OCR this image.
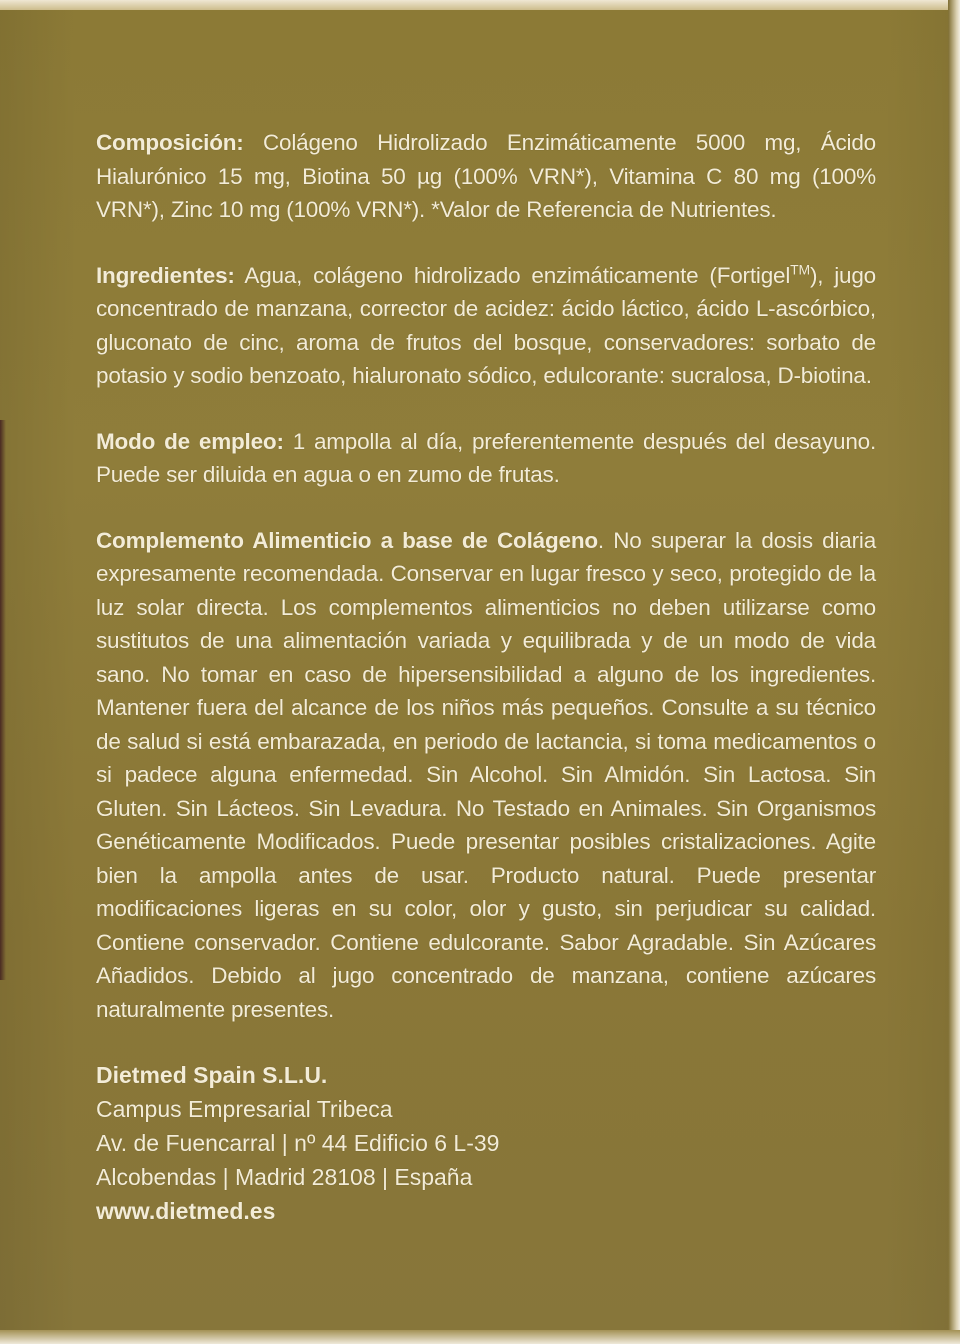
Composición: Colágeno Hidrolizado Enzimáticamente 5000 mg, Ácido Hialurónico 15 mg, Biotina 50 µg (100% VRN*), Vitamina C 80 mg (100% VRN*), Zinc 10 mg (100% VRN*). *Valor de Referencia de Nutrientes.

Ingredientes: Agua, colágeno hidrolizado enzimáticamente (Fortigel™), jugo concentrado de manzana, corrector de acidez: ácido láctico, ácido L-ascórbico, gluconato de cinc, aroma de frutos del bosque, conservadores: sorbato de potasio y sodio benzoato, hialuronato sódico, edulcorante: sucralosa, D-biotina.

Modo de empleo: 1 ampolla al día, preferentemente después del desayuno. Puede ser diluida en agua o en zumo de frutas.

Complemento Alimenticio a base de Colágeno. No superar la dosis diaria expresamente recomendada. Conservar en lugar fresco y seco, protegido de la luz solar directa. Los complementos alimenticios no deben utilizarse como sustitutos de una alimentación variada y equilibrada y de un modo de vida sano. No tomar en caso de hipersensibilidad a alguno de los ingredientes. Mantener fuera del alcance de los niños más pequeños. Consulte a su técnico de salud si está embarazada, en periodo de lactancia, si toma medicamentos o si padece alguna enfermedad. Sin Alcohol. Sin Almidón. Sin Lactosa. Sin Gluten. Sin Lácteos. Sin Levadura. No Testado en Animales. Sin Organismos Genéticamente Modificados. Puede presentar posibles cristalizaciones. Agite bien la ampolla antes de usar. Producto natural. Puede presentar modificaciones ligeras en su color, olor y gusto, sin perjudicar su calidad. Contiene conservador. Contiene edulcorante. Sabor Agradable. Sin Azúcares Añadidos. Debido al jugo concentrado de manzana, contiene azúcares naturalmente presentes.

Dietmed Spain S.L.U.
Campus Empresarial Tribeca
Av. de Fuencarral | nº 44 Edificio 6 L-39
Alcobendas | Madrid 28108 | España
www.dietmed.es
